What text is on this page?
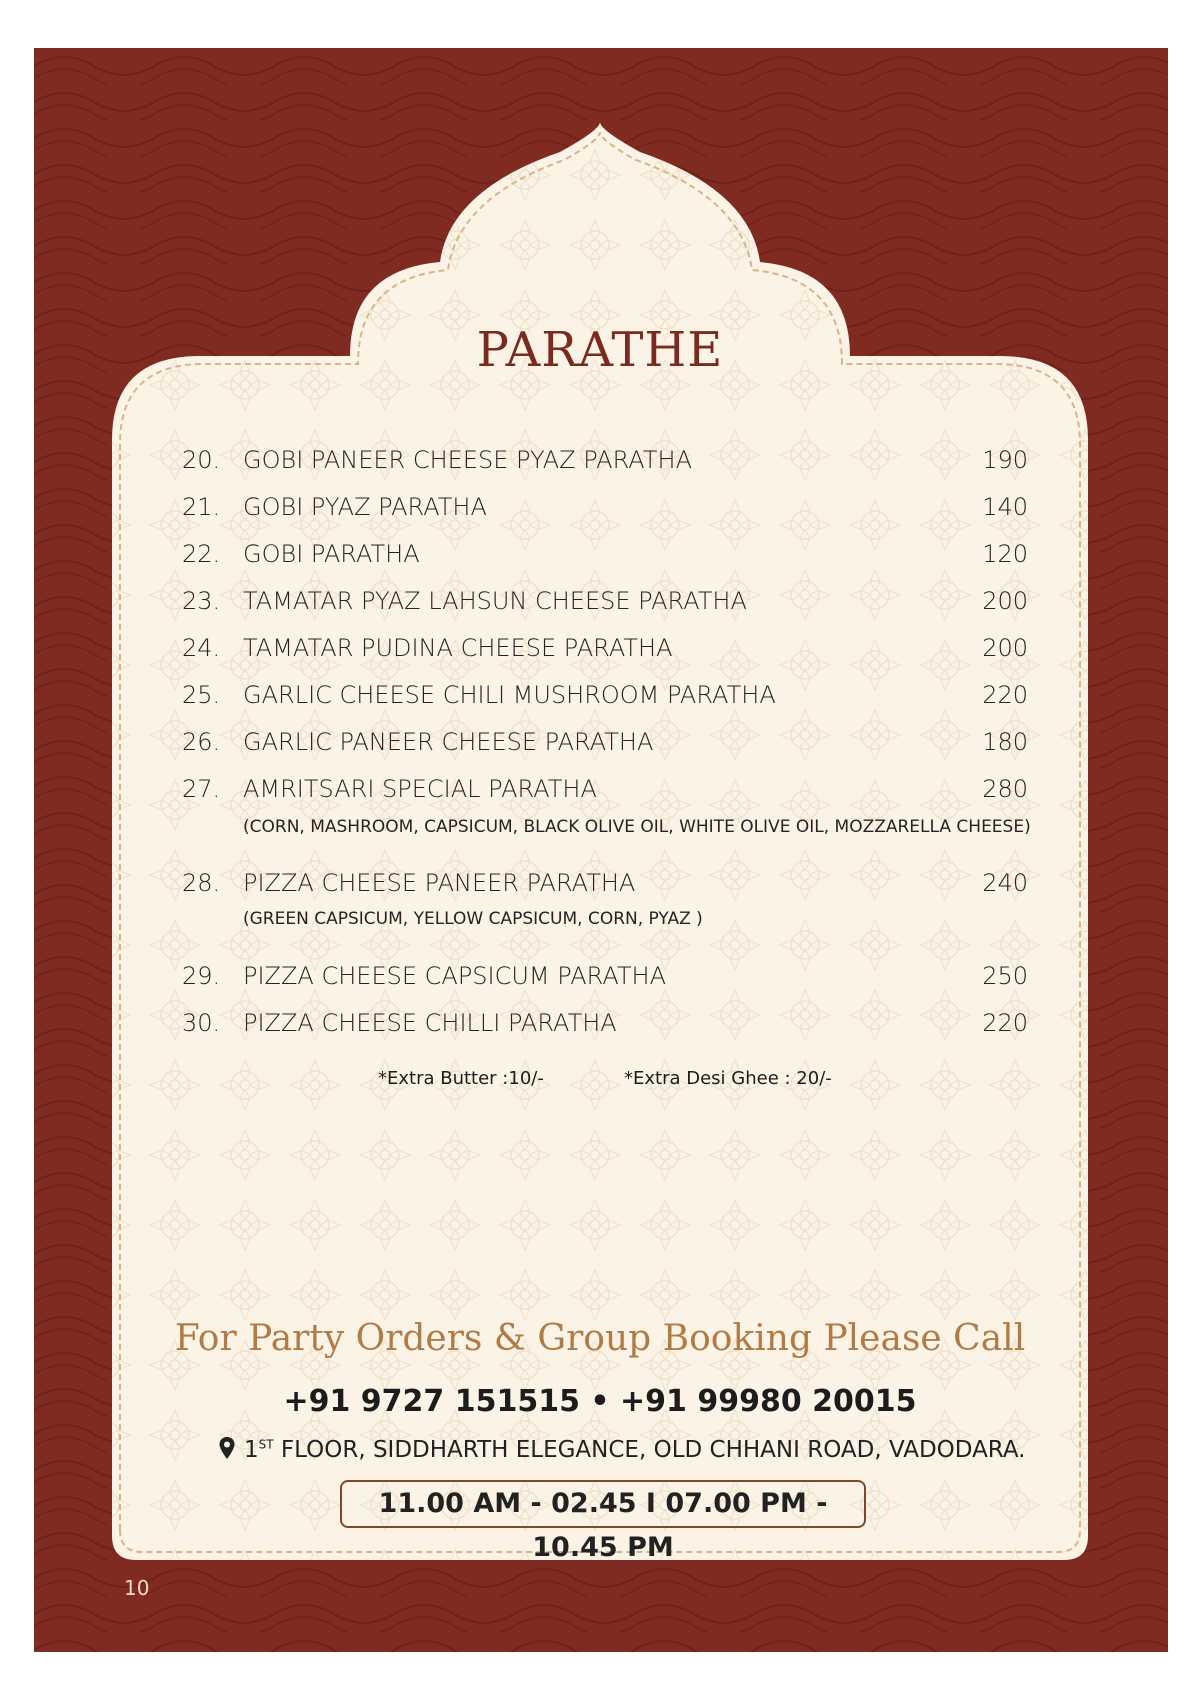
PARATHE
20. GOBI PANEER CHEESE PYAZ PARATHA	190
21. GOBI PYAZ PARATHA	140
22. GOBI PARATHA	120
23. TAMATAR PYAZ LAHSUN CHEESE PARATHA	200
24. TAMATAR PUDINA CHEESE PARATHA	200
25. GARLIC CHEESE CHILI MUSHROOM PARATHA	220
26. GARLIC PANEER CHEESE PARATHA	180
27. AMRITSARI SPECIAL PARATHA	280
(CORN, MASHROOM, CAPSICUM, BLACK OLIVE OIL, WHITE OLIVE OIL, MOZZARELLA CHEESE)
28. PIZZA CHEESE PANEER PARATHA	240
(GREEN CAPSICUM, YELLOW CAPSICUM, CORN, PYAZ )
29. PIZZA CHEESE CAPSICUM PARATHA	250
30. PIZZA CHEESE CHILLI PARATHA	220
*Extra Butter :10/-	*Extra Desi Ghee : 20/-
For Party Orders & Group Booking Please Call
+91 9727 151515 • +91 99980 20015
1ST FLOOR, SIDDHARTH ELEGANCE, OLD CHHANI ROAD, VADODARA.
11.00 AM - 02.45 I 07.00 PM - 10.45 PM
10
